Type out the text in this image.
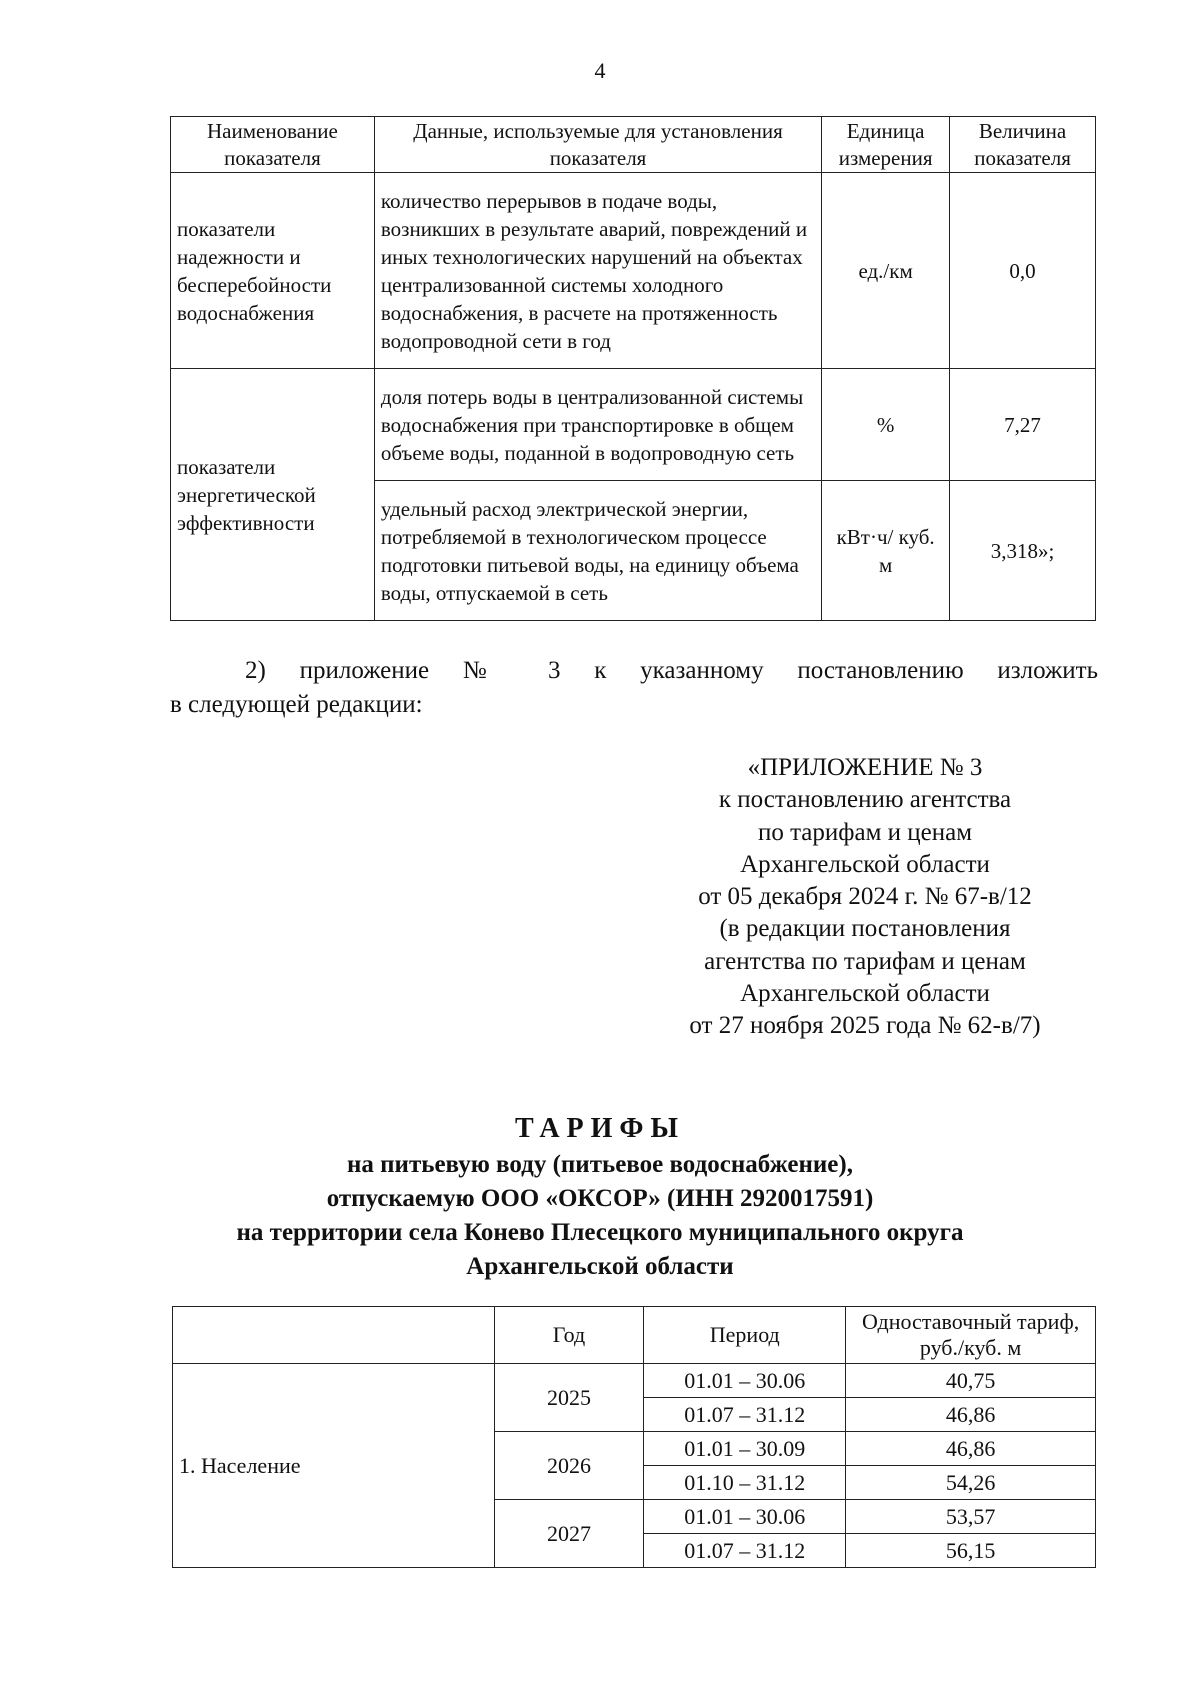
4
Наименование показателя	Данные, используемые для установления показателя	Единица измерения	Величина показателя
показатели надежности и бесперебойности водоснабжения	количество перерывов в подаче воды, возникших в результате аварий, повреждений и иных технологических нарушений на объектах централизованной системы холодного водоснабжения, в расчете на протяженность водопроводной сети в год	ед./км	0,0
показатели энергетической эффективности	доля потерь воды в централизованной системы водоснабжения при транспортировке в общем объеме воды, поданной в водопроводную сеть	%	7,27
	удельный расход электрической энергии, потребляемой в технологическом процессе подготовки питьевой воды, на единицу объема воды, отпускаемой в сеть	кВт·ч/ куб. м	3,318»;
2) приложение № 3 к указанному постановлению изложить
в следующей редакции:
«ПРИЛОЖЕНИЕ № 3
к постановлению агентства
по тарифам и ценам
Архангельской области
от 05 декабря 2024 г. № 67-в/12
(в редакции постановления
агентства по тарифам и ценам
Архангельской области
от 27 ноября 2025 года № 62-в/7)
ТАРИФЫ
на питьевую воду (питьевое водоснабжение),
отпускаемую ООО «ОКСОР» (ИНН 2920017591)
на территории села Конево Плесецкого муниципального округа
Архангельской области
	Год	Период	Одноставочный тариф, руб./куб. м
1. Население	2025	01.01 – 30.06	40,75
		01.07 – 31.12	46,86
	2026	01.01 – 30.09	46,86
		01.10 – 31.12	54,26
	2027	01.01 – 30.06	53,57
		01.07 – 31.12	56,15
